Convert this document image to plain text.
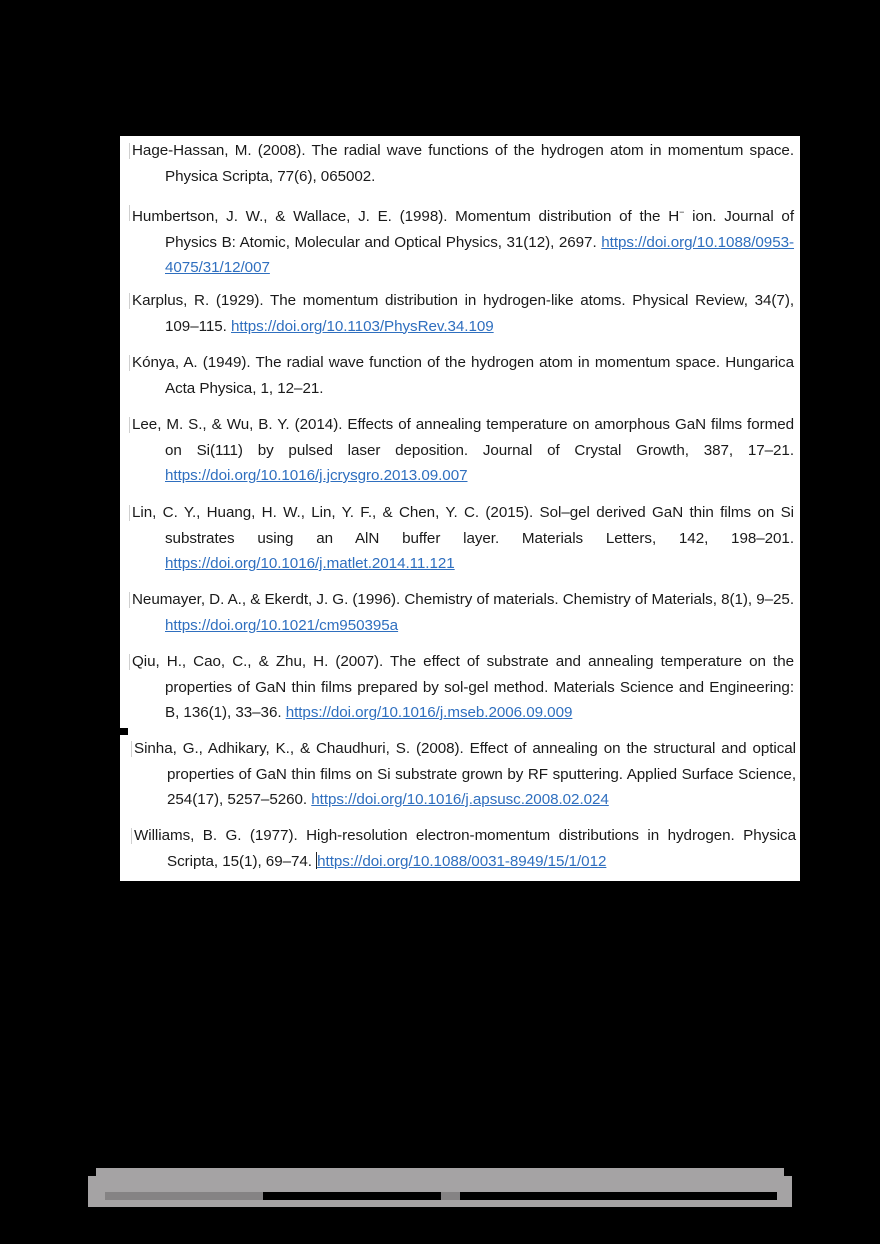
Hage-Hassan, M. (2008). The radial wave functions of the hydrogen atom in momentum space. Physica Scripta, 77(6), 065002.
Humbertson, J. W., & Wallace, J. E. (1998). Momentum distribution of the H− ion. Journal of Physics B: Atomic, Molecular and Optical Physics, 31(12), 2697. https://doi.org/10.1088/0953-4075/31/12/007
Karplus, R. (1929). The momentum distribution in hydrogen-like atoms. Physical Review, 34(7), 109–115. https://doi.org/10.1103/PhysRev.34.109
Kónya, A. (1949). The radial wave function of the hydrogen atom in momentum space. Hungarica Acta Physica, 1, 12–21.
Lee, M. S., & Wu, B. Y. (2014). Effects of annealing temperature on amorphous GaN films formed on Si(111) by pulsed laser deposition. Journal of Crystal Growth, 387, 17–21. https://doi.org/10.1016/j.jcrysgro.2013.09.007
Lin, C. Y., Huang, H. W., Lin, Y. F., & Chen, Y. C. (2015). Sol–gel derived GaN thin films on Si substrates using an AlN buffer layer. Materials Letters, 142, 198–201. https://doi.org/10.1016/j.matlet.2014.11.121
Neumayer, D. A., & Ekerdt, J. G. (1996). Chemistry of materials. Chemistry of Materials, 8(1), 9–25. https://doi.org/10.1021/cm950395a
Qiu, H., Cao, C., & Zhu, H. (2007). The effect of substrate and annealing temperature on the properties of GaN thin films prepared by sol-gel method. Materials Science and Engineering: B, 136(1), 33–36. https://doi.org/10.1016/j.mseb.2006.09.009
Sinha, G., Adhikary, K., & Chaudhuri, S. (2008). Effect of annealing on the structural and optical properties of GaN thin films on Si substrate grown by RF sputtering. Applied Surface Science, 254(17), 5257–5260. https://doi.org/10.1016/j.apsusc.2008.02.024
Williams, B. G. (1977). High-resolution electron-momentum distributions in hydrogen. Physica Scripta, 15(1), 69–74. https://doi.org/10.1088/0031-8949/15/1/012
